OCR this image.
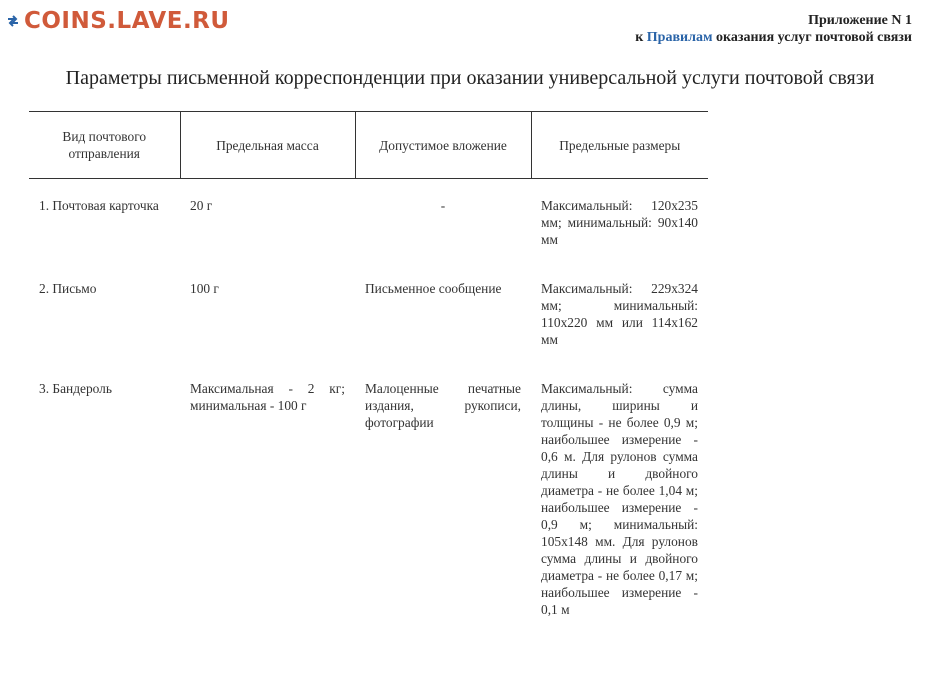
COINS.LAVE.RU	Приложение N 1
к Правилам оказания услуг почтовой связи
Параметры письменной корреспонденции при оказании универсальной услуги почтовой связи
Вид почтового отправления	Предельная масса	Допустимое вложение	Предельные размеры
1. Почтовая карточка	20 г	-	Максимальный: 120x235 мм; минимальный: 90x140 мм
2. Письмо	100 г	Письменное сообщение	Максимальный: 229x324 мм; минимальный: 110x220 мм или 114x162 мм
3. Бандероль	Максимальная - 2 кг; минимальная - 100 г	Малоценные печатные издания, рукописи, фотографии	Максимальный: сумма длины, ширины и толщины - не более 0,9 м; наибольшее измерение - 0,6 м. Для рулонов сумма длины и двойного диаметра - не более 1,04 м; наибольшее измерение - 0,9 м; минимальный: 105x148 мм. Для рулонов сумма длины и двойного диаметра - не более 0,17 м; наибольшее измерение - 0,1 м
